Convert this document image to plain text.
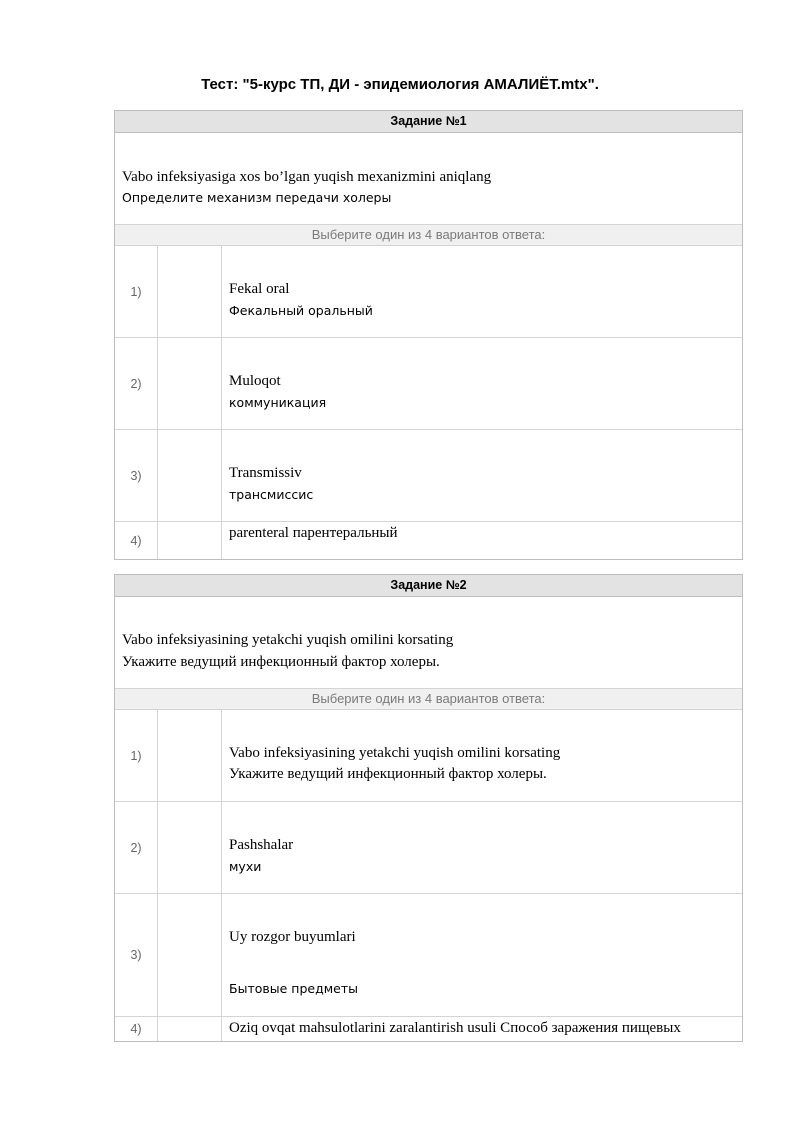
Тест: "5-курс ТП, ДИ - эпидемиология АМАЛИЁТ.mtx".
Задание №1
Vabo infeksiyasiga xos bo’lgan yuqish mexanizmini aniqlang
Определите механизм передачи холеры
Выберите один из 4 вариантов ответа:
1)	Fekal oral
Фекальный оральный
2)	Muloqot
коммуникация
3)	Transmissiv
трансмиссис
4)	parenteral парентеральный
Задание №2
Vabo infeksiyasining yetakchi yuqish omilini korsating
Укажите ведущий инфекционный фактор холеры.
Выберите один из 4 вариантов ответа:
1)	Vabo infeksiyasining yetakchi yuqish omilini korsating
Укажите ведущий инфекционный фактор холеры.
2)	Pashshalar
мухи
3)
Uy rozgor buyumlari
Бытовые предметы
4)	Oziq ovqat mahsulotlarini zaralantirish usuli Способ заражения пищевых
